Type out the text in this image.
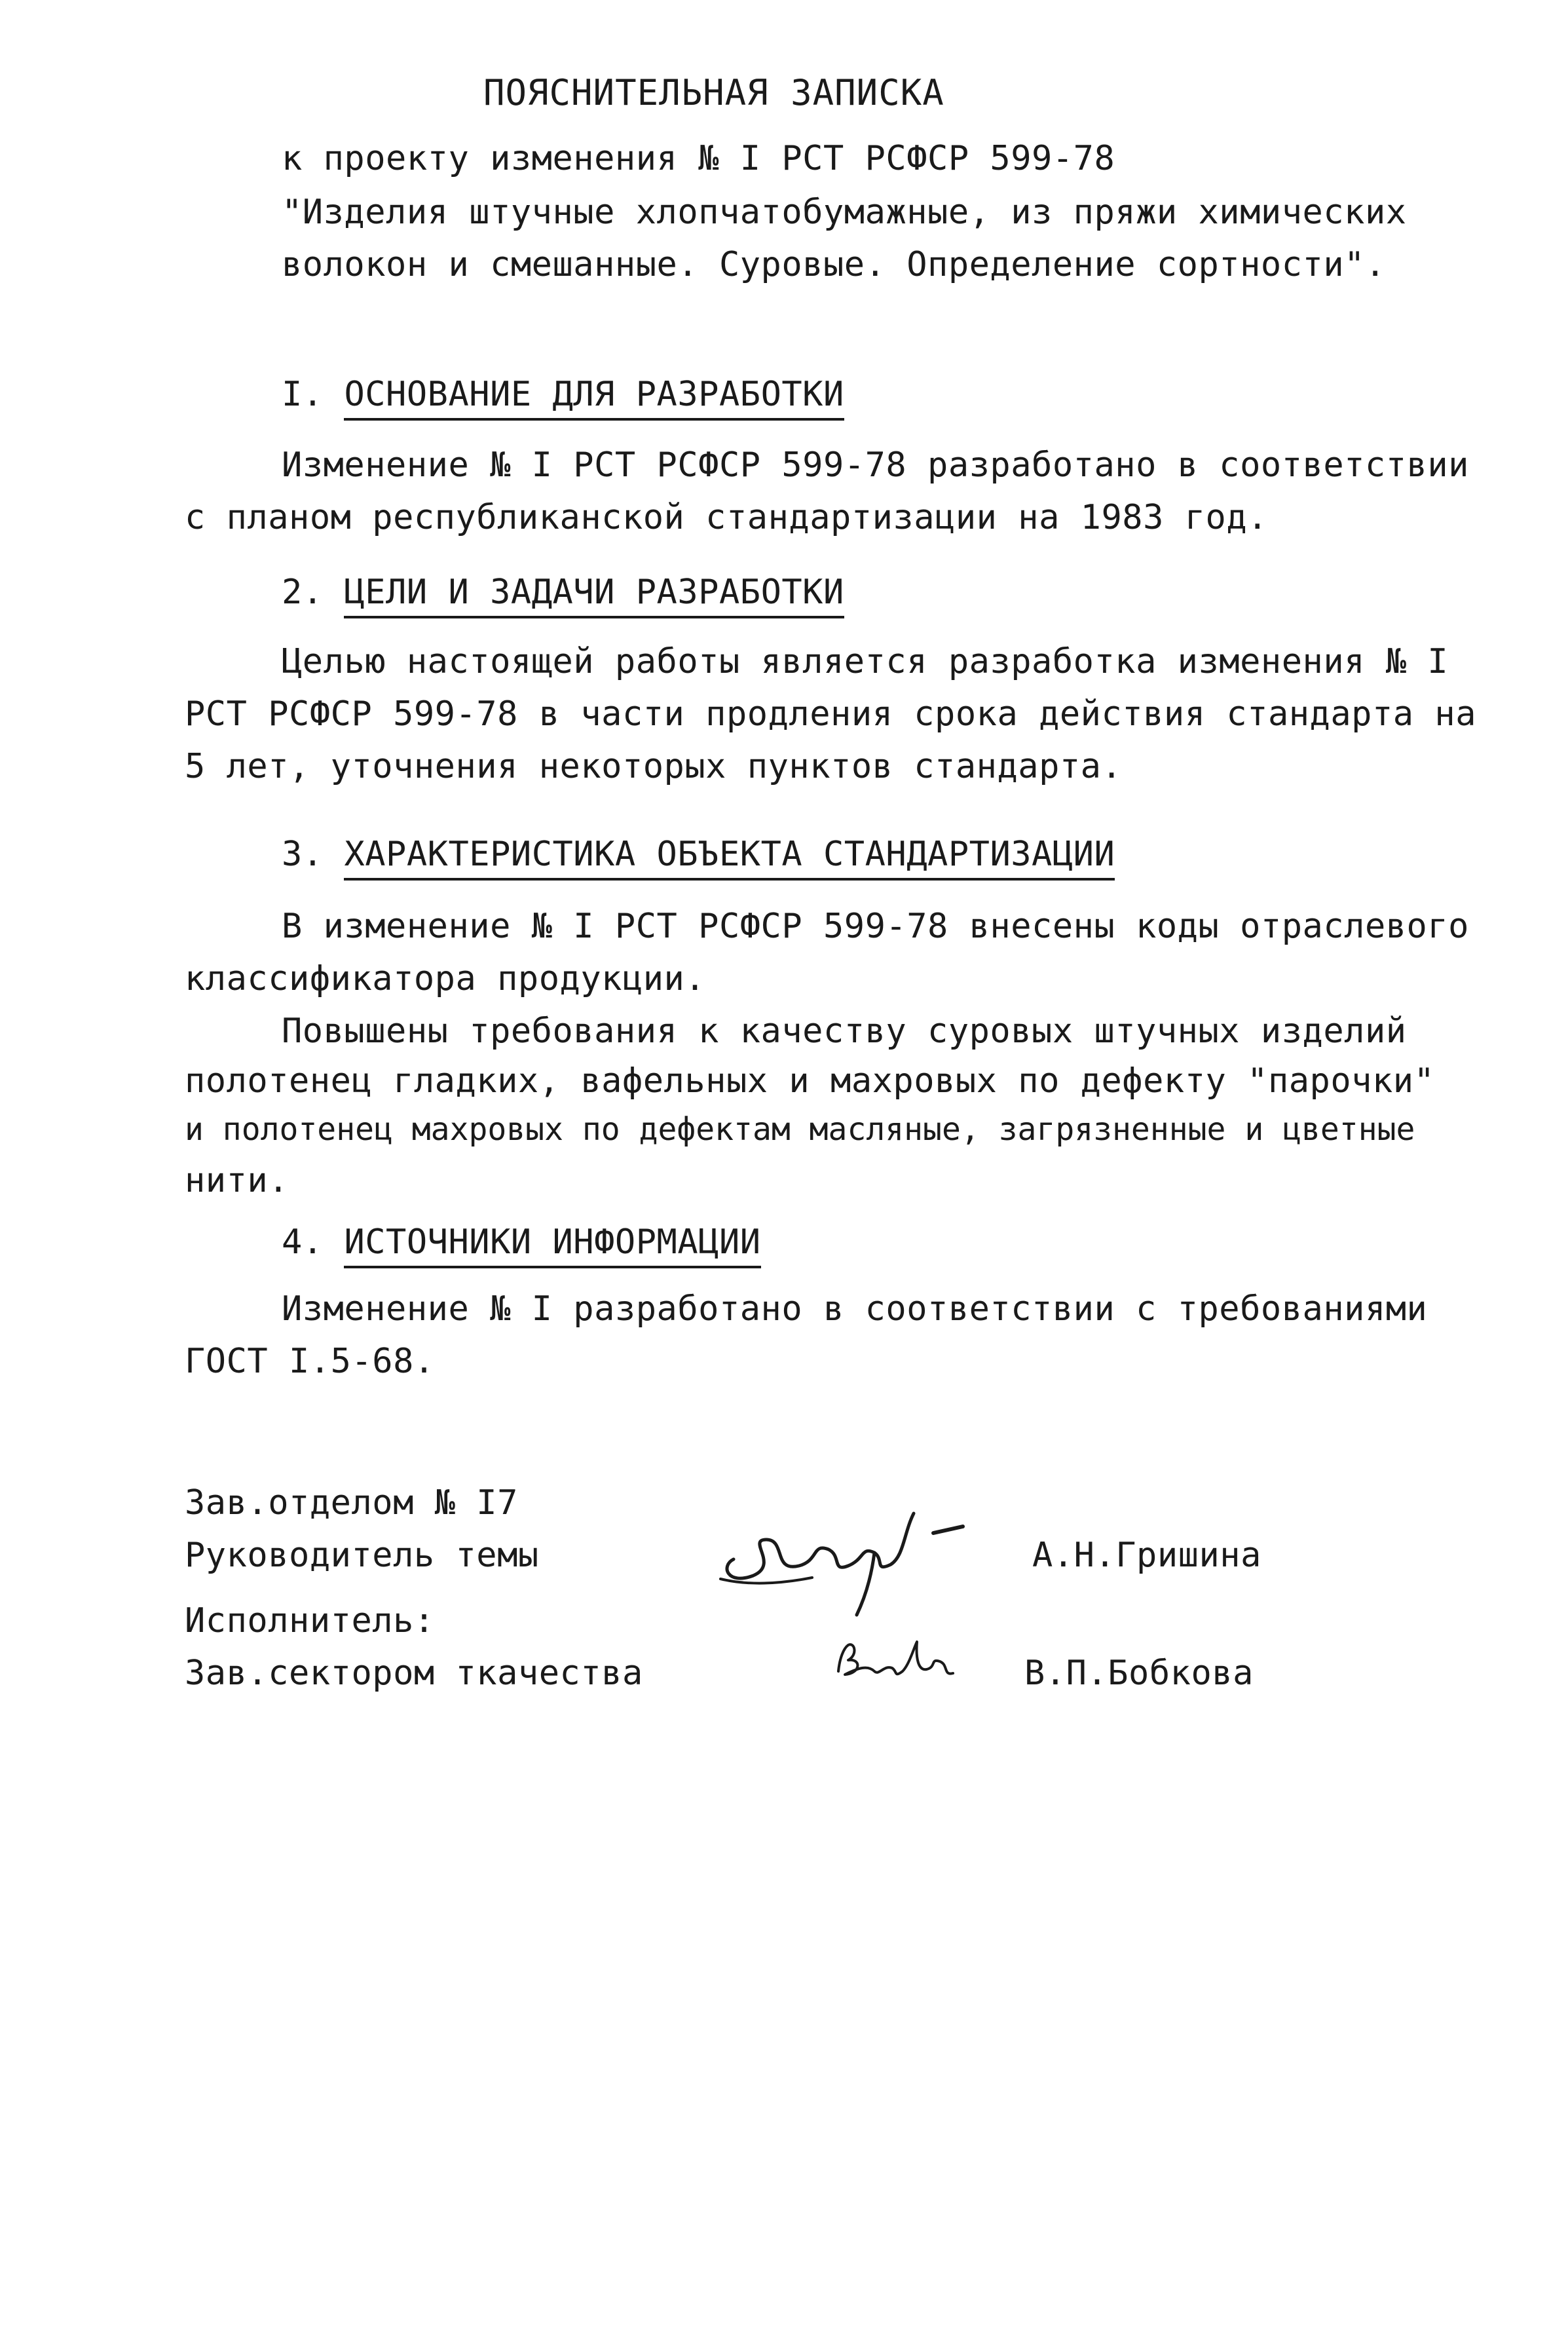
ПОЯСНИТЕЛЬНАЯ ЗАПИСКА
к проекту изменения № I РСТ РСФСР 599-78
"Изделия штучные хлопчатобумажные, из пряжи химических
волокон и смешанные. Суровые. Определение сортности".
I. ОСНОВАНИЕ ДЛЯ РАЗРАБОТКИ
Изменение № I РСТ РСФСР 599-78 разработано в соответствии
с планом республиканской стандартизации на 1983 год.
2. ЦЕЛИ И ЗАДАЧИ РАЗРАБОТКИ
Целью настоящей работы является разработка изменения № I
РСТ РСФСР 599-78 в части продления срока действия стандарта на
5 лет, уточнения некоторых пунктов стандарта.
3. ХАРАКТЕРИСТИКА ОБЪЕКТА СТАНДАРТИЗАЦИИ
В изменение № I РСТ РСФСР 599-78 внесены коды отраслевого
классификатора продукции.
Повышены требования к качеству суровых штучных изделий
полотенец гладких, вафельных и махровых по дефекту "парочки"
и полотенец махровых по дефектам масляные, загрязненные и цветные
нити.
4. ИСТОЧНИКИ ИНФОРМАЦИИ
Изменение № I разработано в соответствии с требованиями
ГОСТ I.5-68.
Зав.отделом № I7
Руководитель темы	А.Н.Гришина
Исполнитель:
Зав.сектором ткачества	В.П.Бобкова
